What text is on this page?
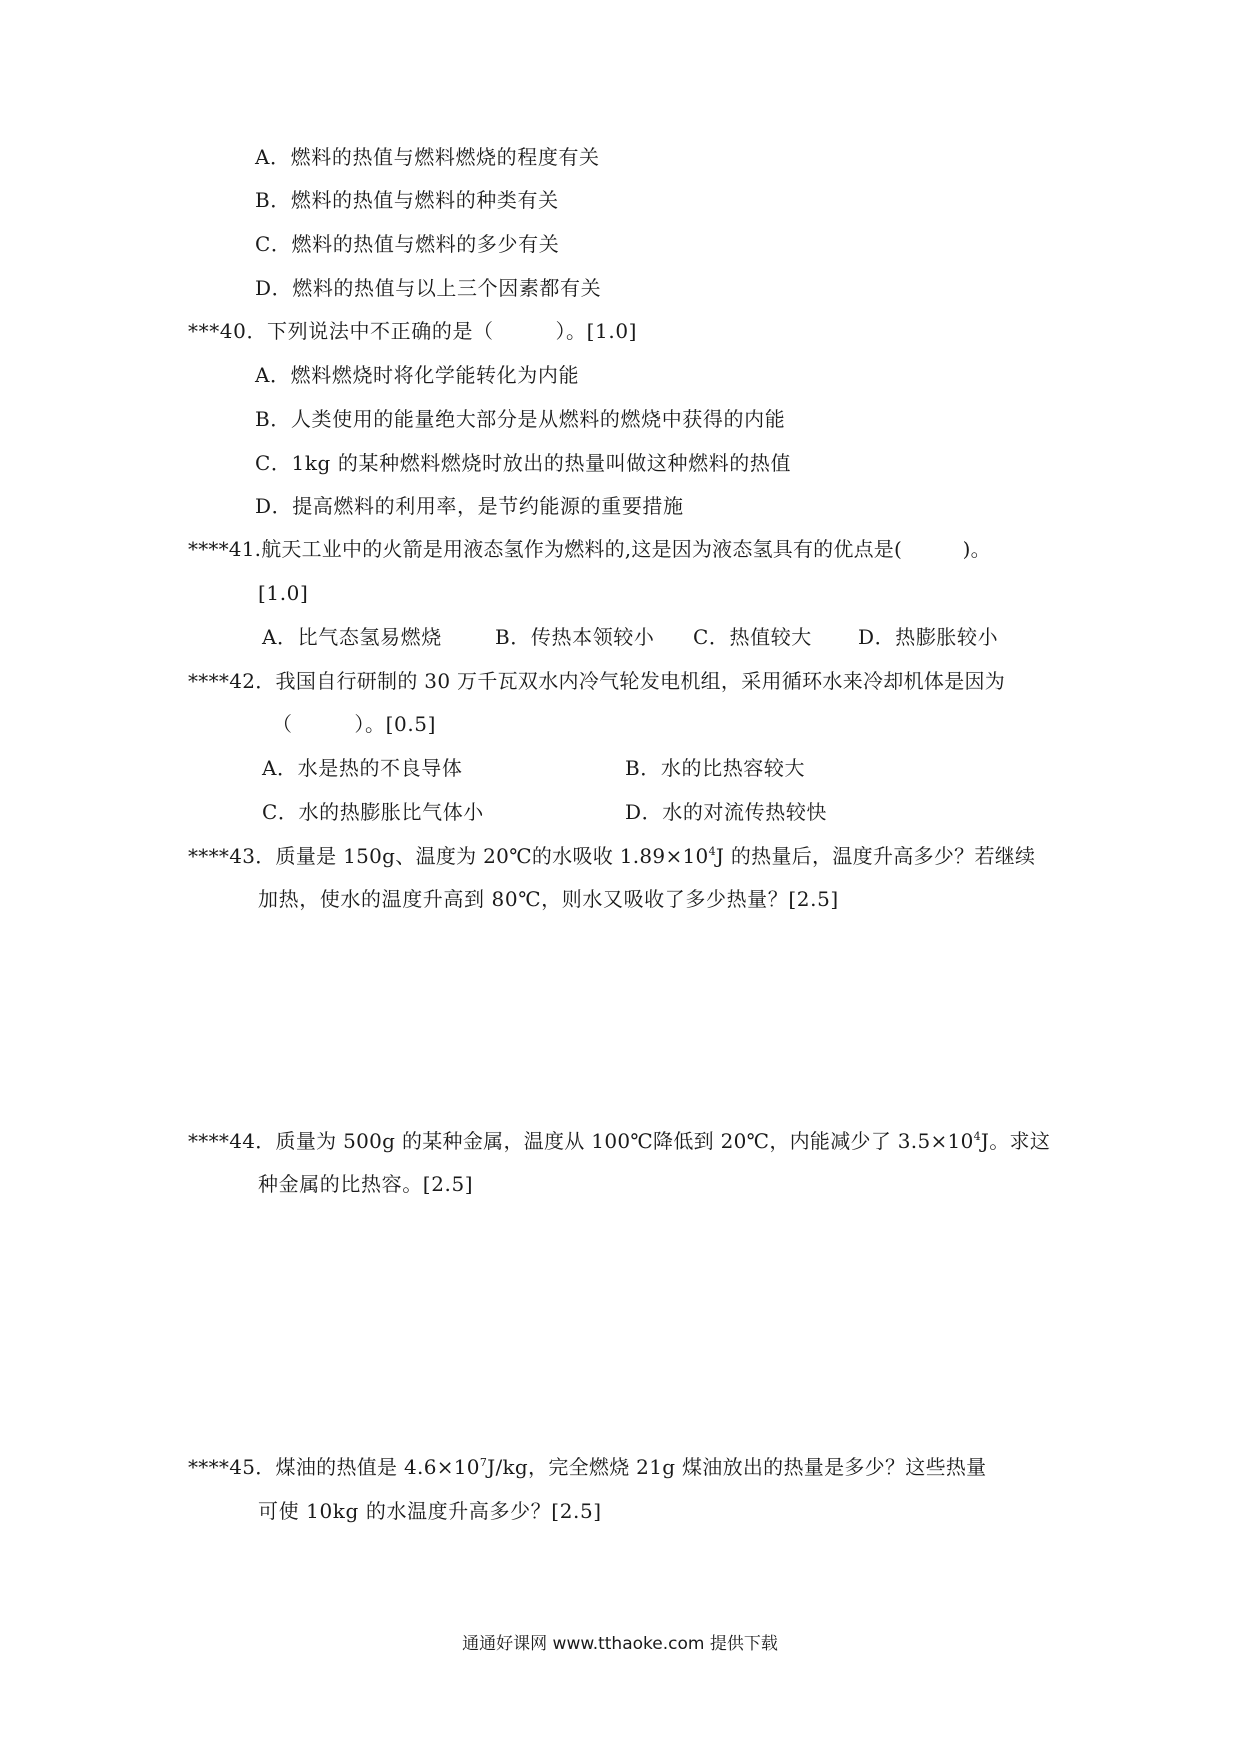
A．燃料的热值与燃料燃烧的程度有关
B．燃料的热值与燃料的种类有关
C．燃料的热值与燃料的多少有关
D．燃料的热值与以上三个因素都有关
***40．下列说法中不正确的是（　　　）。[1.0]
A．燃料燃烧时将化学能转化为内能
B．人类使用的能量绝大部分是从燃料的燃烧中获得的内能
C．1kg 的某种燃料燃烧时放出的热量叫做这种燃料的热值
D．提高燃料的利用率，是节约能源的重要措施
****41.航天工业中的火箭是用液态氢作为燃料的,这是因为液态氢具有的优点是(　　　)。
[1.0]
A．比气态氢易燃烧	B．传热本领较小 C．热值较大 D．热膨胀较小
****42．我国自行研制的 30 万千瓦双水内冷气轮发电机组，采用循环水来冷却机体是因为
（　　　）。[0.5]
A．水是热的不良导体	B．水的比热容较大
C．水的热膨胀比气体小	D．水的对流传热较快
****43．质量是 150g、温度为 20℃的水吸收 $1.89\times 10^4J$ 的热量后，温度升高多少？若继续
加热，使水的温度升高到 80℃，则水又吸收了多少热量？[2.5]
****44．质量为 500g 的某种金属，温度从 100℃降低到 20℃，内能减少了 $3.5\times 10^4J$。求这
种金属的比热容。[2.5]
****45．煤油的热值是 $4.6\times 10^7J/kg$，完全燃烧 21g 煤油放出的热量是多少？这些热量
可使 10kg 的水温度升高多少？[2.5]
通通好课网 www.tthaoke.com 提供下载
